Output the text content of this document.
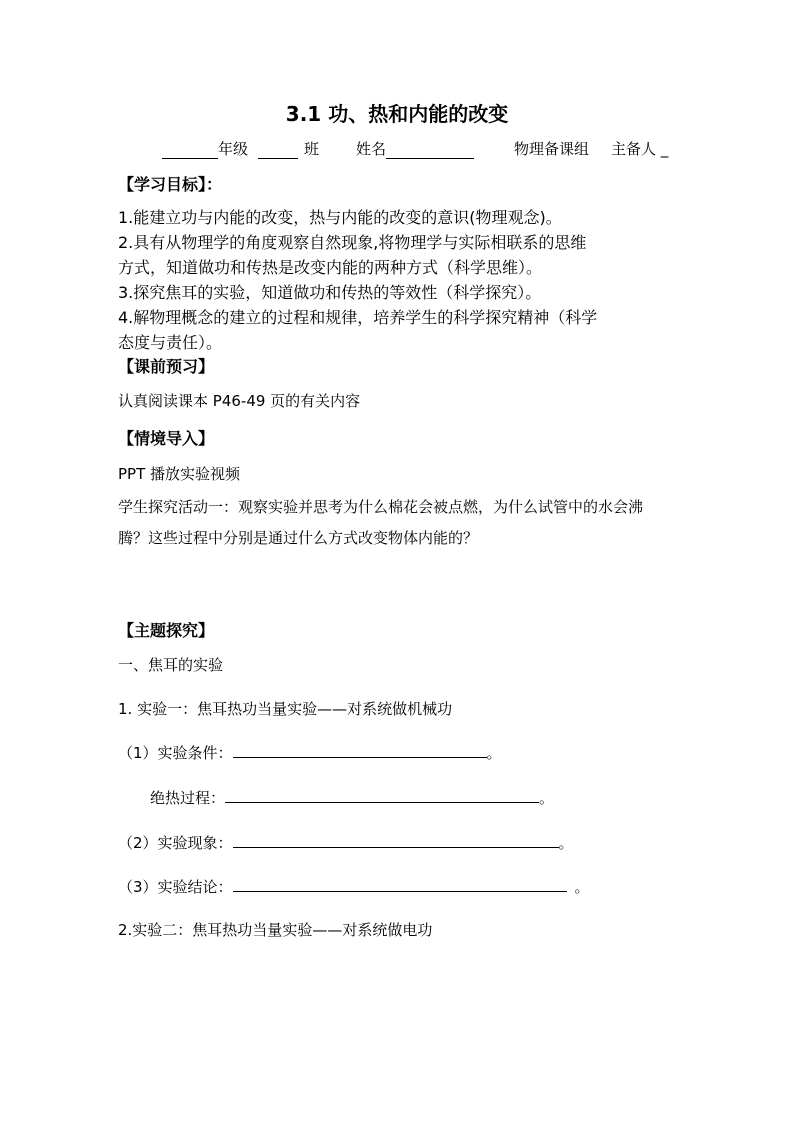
3.1 功、热和内能的改变
年级	班 姓名	物理备课组 主备人 _
【学习目标】：
1.能建立功与内能的改变，热与内能的改变的意识(物理观念)。
2.具有从物理学的角度观察自然现象,将物理学与实际相联系的思维
方式，知道做功和传热是改变内能的两种方式（科学思维）。
3.探究焦耳的实验，知道做功和传热的等效性（科学探究）。
4.解物理概念的建立的过程和规律，培养学生的科学探究精神（科学
态度与责任）。
【课前预习】
认真阅读课本 P46-49 页的有关内容
【情境导入】
PPT 播放实验视频
学生探究活动一：观察实验并思考为什么棉花会被点燃，为什么试管中的水会沸
腾？这些过程中分别是通过什么方式改变物体内能的？
【主题探究】
一、焦耳的实验
1. 实验一：焦耳热功当量实验——对系统做机械功
（1）实验条件：	。
绝热过程：	。
（2）实验现象：	。
（3）实验结论：	。
2.实验二：焦耳热功当量实验——对系统做电功
